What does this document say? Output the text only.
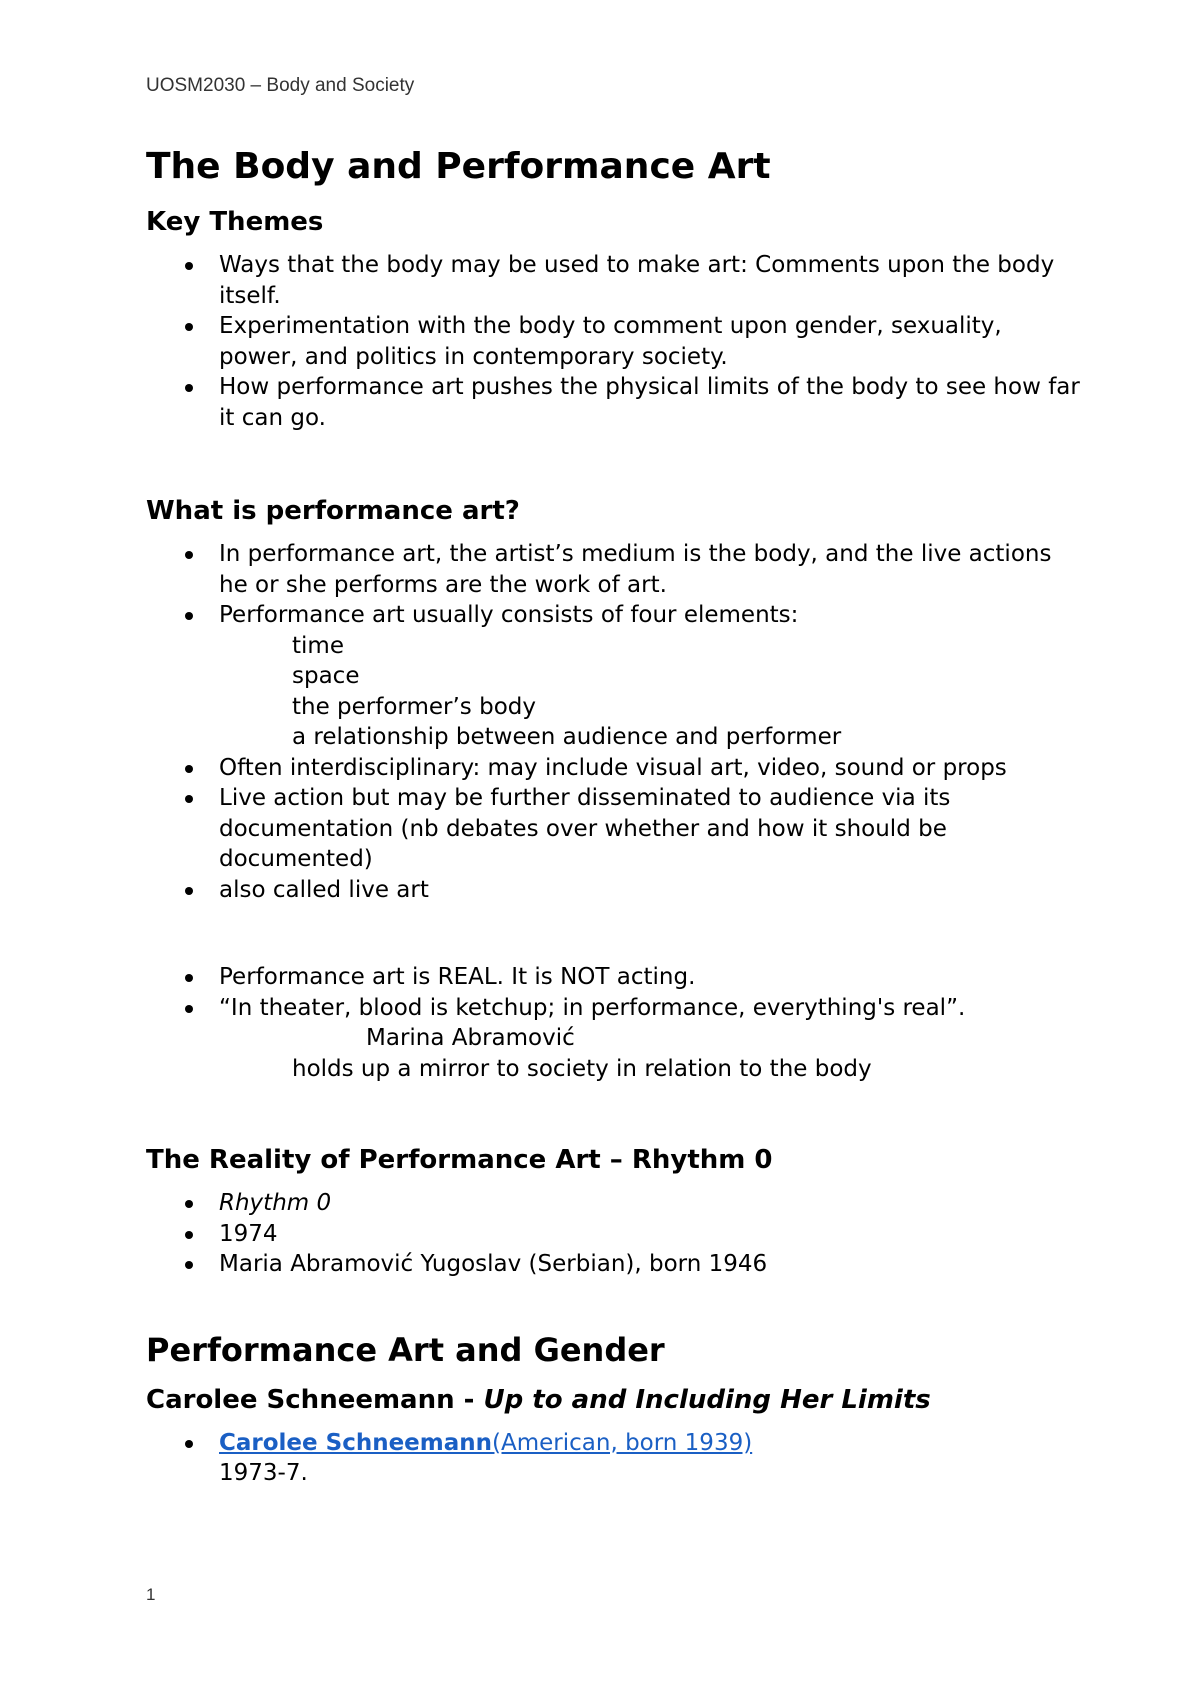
UOSM2030 – Body and Society
The Body and Performance Art
Key Themes
Ways that the body may be used to make art: Comments upon the body itself.
Experimentation with the body to comment upon gender, sexuality, power, and politics in contemporary society.
How performance art pushes the physical limits of the body to see how far it can go.
What is performance art?
In performance art, the artist’s medium is the body, and the live actions he or she performs are the work of art.
Performance art usually consists of four elements:
time
space
the performer’s body
a relationship between audience and performer
Often interdisciplinary: may include visual art, video, sound or props
Live action but may be further disseminated to audience via its documentation (nb debates over whether and how it should be documented)
also called live art
Performance art is REAL. It is NOT acting.
“In theater, blood is ketchup; in performance, everything's real”.
Marina Abramović
holds up a mirror to society in relation to the body
The Reality of Performance Art – Rhythm 0
Rhythm 0
1974
Maria Abramović Yugoslav (Serbian), born 1946
Performance Art and Gender
Carolee Schneemann - Up to and Including Her Limits
Carolee Schneemann(American, born 1939)
1973-7.
1
